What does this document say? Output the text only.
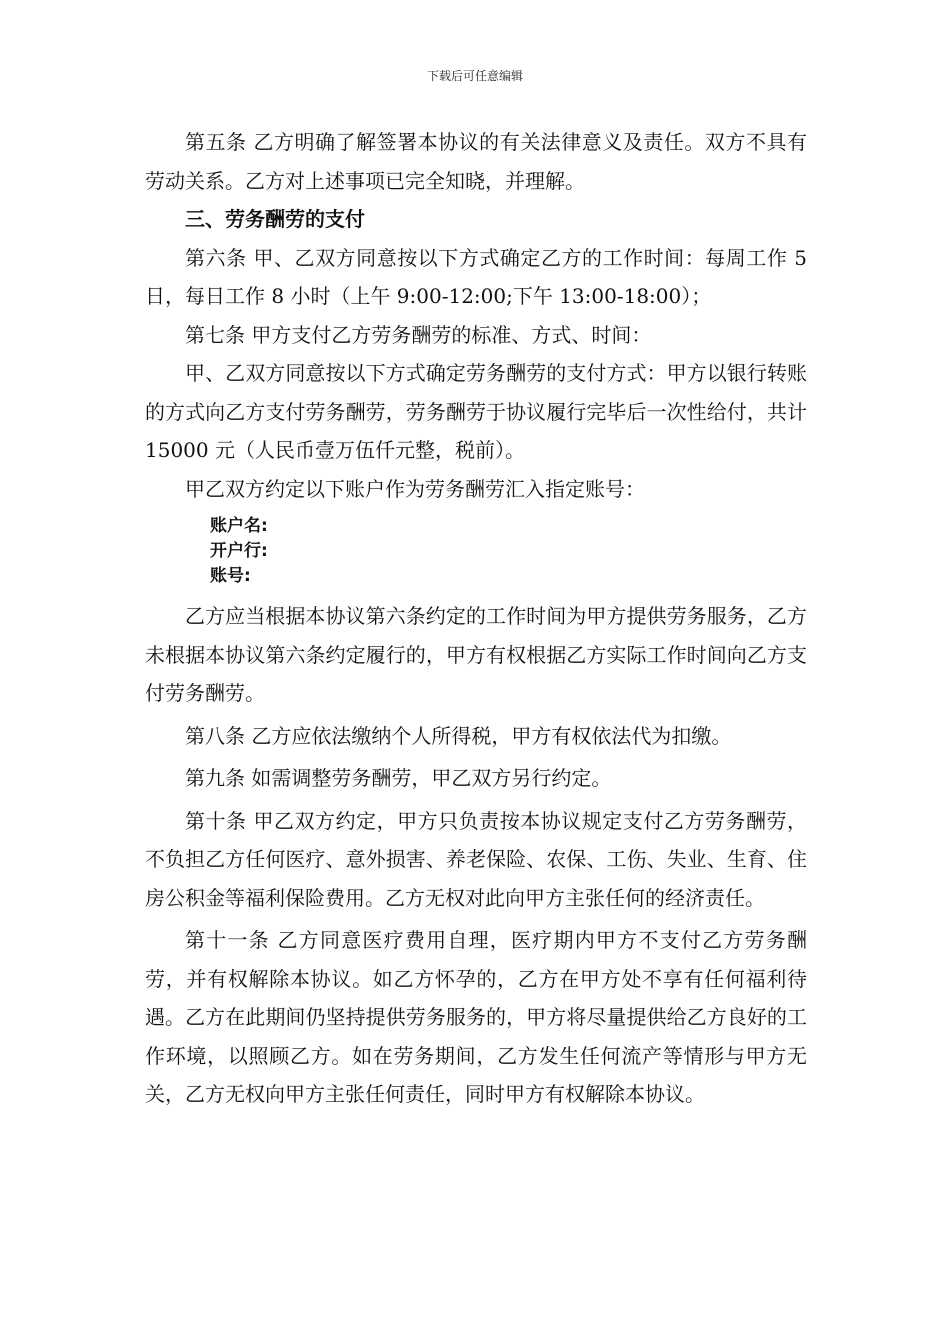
下载后可任意编辑

第五条 乙方明确了解签署本协议的有关法律意义及责任。双方不具有劳动关系。乙方对上述事项已完全知晓，并理解。

三、劳务酬劳的支付

第六条 甲、乙双方同意按以下方式确定乙方的工作时间：每周工作 5 日，每日工作 8 小时（上午 9:00-12:00;下午 13:00-18:00）；

第七条 甲方支付乙方劳务酬劳的标准、方式、时间：

甲、乙双方同意按以下方式确定劳务酬劳的支付方式：甲方以银行转账的方式向乙方支付劳务酬劳，劳务酬劳于协议履行完毕后一次性给付，共计 15000 元（人民币壹万伍仟元整，税前）。

甲乙双方约定以下账户作为劳务酬劳汇入指定账号：

账户名:

开户行:

账号:

乙方应当根据本协议第六条约定的工作时间为甲方提供劳务服务，乙方未根据本协议第六条约定履行的，甲方有权根据乙方实际工作时间向乙方支付劳务酬劳。

第八条 乙方应依法缴纳个人所得税，甲方有权依法代为扣缴。

第九条 如需调整劳务酬劳，甲乙双方另行约定。

第十条 甲乙双方约定，甲方只负责按本协议规定支付乙方劳务酬劳，不负担乙方任何医疗、意外损害、养老保险、农保、工伤、失业、生育、住房公积金等福利保险费用。乙方无权对此向甲方主张任何的经济责任。

第十一条 乙方同意医疗费用自理，医疗期内甲方不支付乙方劳务酬劳，并有权解除本协议。如乙方怀孕的，乙方在甲方处不享有任何福利待遇。乙方在此期间仍坚持提供劳务服务的，甲方将尽量提供给乙方良好的工作环境，以照顾乙方。如在劳务期间，乙方发生任何流产等情形与甲方无关，乙方无权向甲方主张任何责任，同时甲方有权解除本协议。
